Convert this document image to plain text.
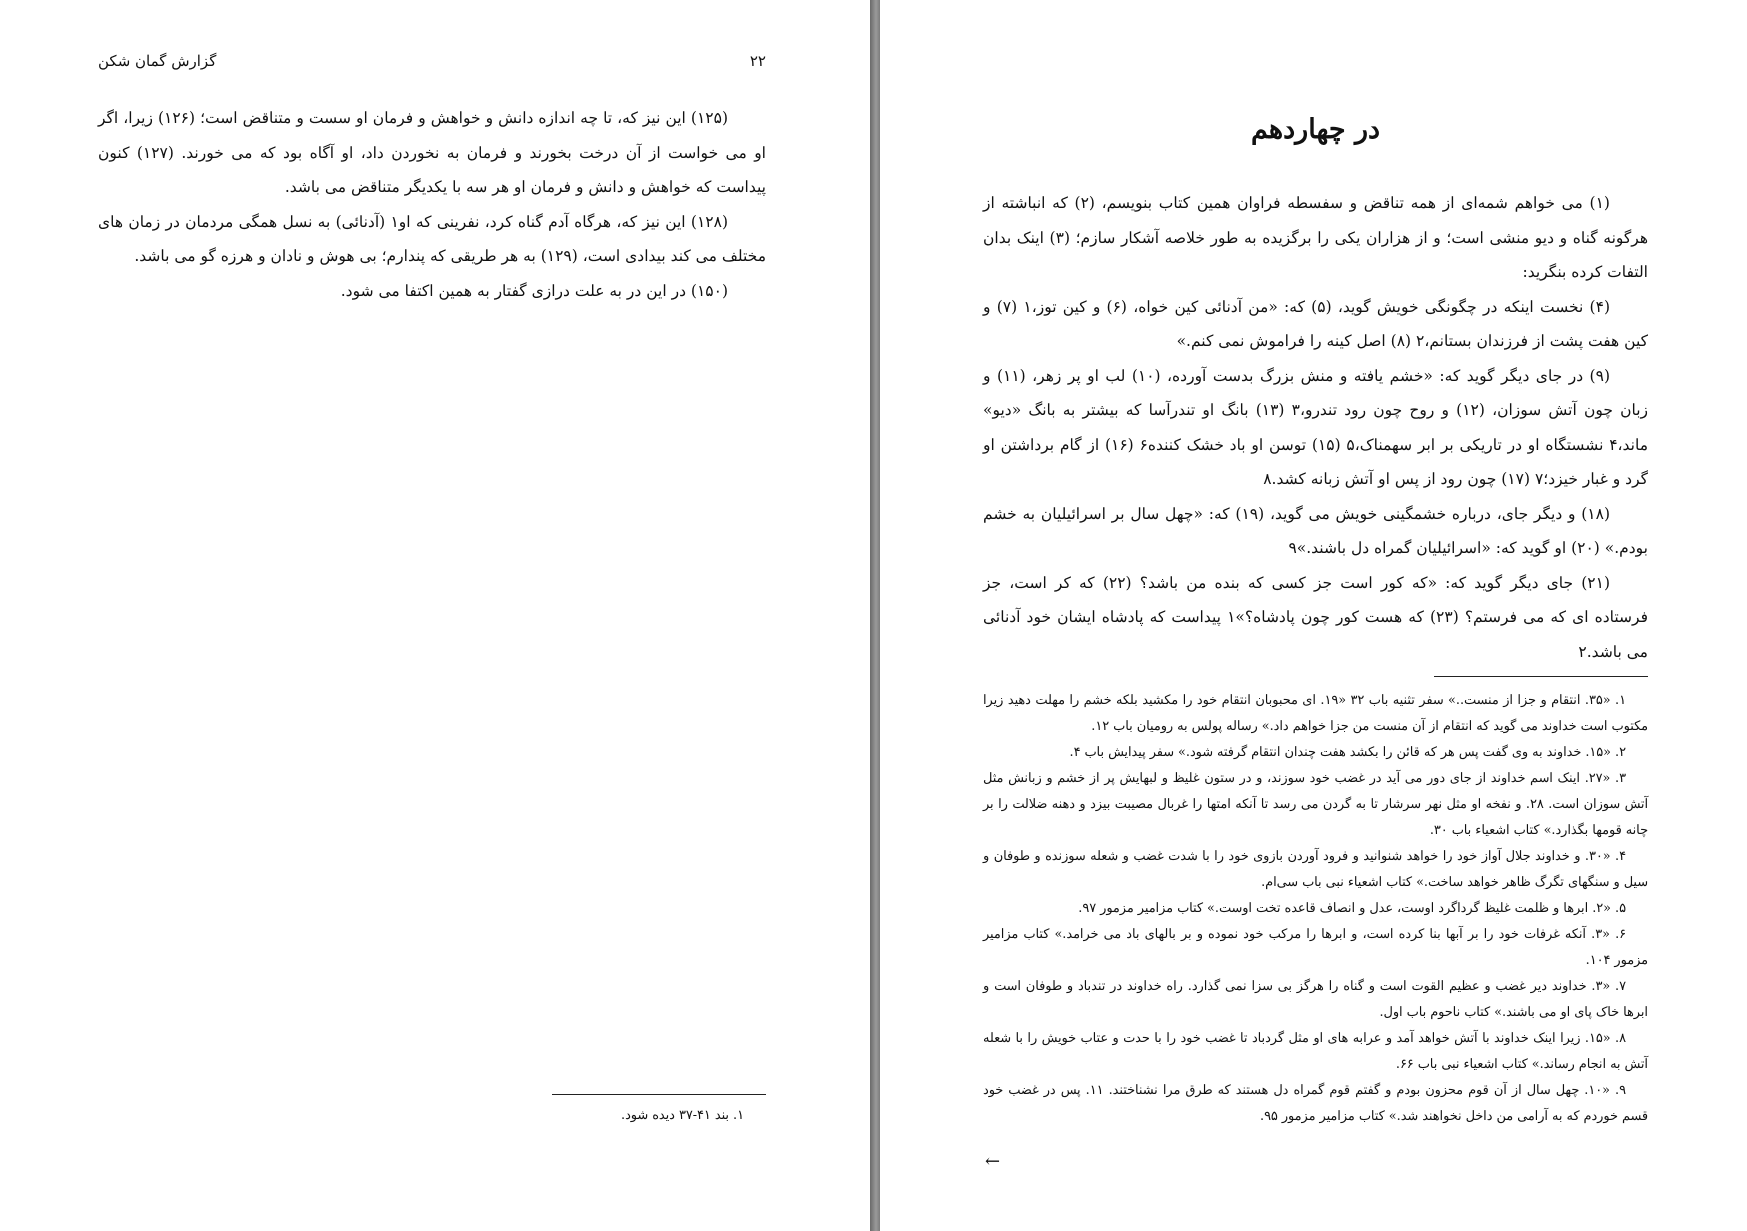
گزارش گمان شکن	۲۲

(۱۲۵) این نیز که، تا چه اندازه دانش و خواهش و فرمان او سست و متناقض است؛ (۱۲۶) زیرا، اگر او می خواست از آن درخت بخورند و فرمان به نخوردن داد، او آگاه بود که می خورند. (۱۲۷) کنون پیداست که خواهش و دانش و فرمان او هر سه با یکدیگر متناقض می باشد.

(۱۲۸) این نیز که، هرگاه آدم گناه کرد، نفرینی که او۱ (آدنائی) به نسل همگی مردمان در زمان های مختلف می کند بیدادی است، (۱۲۹) به هر طریقی که پندارم؛ بی هوش و نادان و هرزه گو می باشد.

(۱۵۰) در این در به علت درازی گفتار به همین اکتفا می شود.

۱. بند ۴۱-۳۷ دیده شود.

در چهاردهم

(۱) می خواهم شمه‌ای از همه تناقض و سفسطه فراوان همین کتاب بنویسم، (۲) که انباشته از هرگونه گناه و دیو منشی است؛ و از هزاران یکی را برگزیده به طور خلاصه آشکار سازم؛ (۳) اینک بدان التفات کرده بنگرید:

(۴) نخست اینکه در چگونگی خویش گوید، (۵) که: «من آدنائی کین خواه، (۶) و کین توز،۱ (۷) و کین هفت پشت از فرزندان بستانم،۲ (۸) اصل کینه را فراموش نمی کنم.»

(۹) در جای دیگر گوید که: «خشم یافته و منش بزرگ بدست آورده، (۱۰) لب او پر زهر، (۱۱) و زبان چون آتش سوزان، (۱۲) و روح چون رود تندرو،۳ (۱۳) بانگ او تندرآسا که بیشتر به بانگ «دیو» ماند،۴ نشستگاه او در تاریکی بر ابر سهمناک،۵ (۱۵) توسن او باد خشک کننده۶ (۱۶) از گام برداشتن او گرد و غبار خیزد؛۷ (۱۷) چون رود از پس او آتش زبانه کشد.۸

(۱۸) و دیگر جای، درباره خشمگینی خویش می گوید، (۱۹) که: «چهل سال بر اسرائیلیان به خشم بودم.» (۲۰) او گوید که: «اسرائیلیان گمراه دل باشند.»۹

(۲۱) جای دیگر گوید که: «که کور است جز کسی که بنده من باشد؟ (۲۲) که کر است، جز فرستاده ای که می فرستم؟ (۲۳) که هست کور چون پادشاه؟»۱ پیداست که پادشاه ایشان خود آدنائی می باشد.۲

۱. «۳۵. انتقام و جزا از منست..» سفر تثنیه باب ۳۲ «۱۹. ای محبوبان انتقام خود را مکشید بلکه خشم را مهلت دهید زیرا مکتوب است خداوند می گوید که انتقام از آن منست من جزا خواهم داد.» رساله پولس به رومیان باب ۱۲.

۲. «۱۵. خداوند به وی گفت پس هر که قائن را بکشد هفت چندان انتقام گرفته شود.» سفر پیدایش باب ۴.

۳. «۲۷. اینک اسم خداوند از جای دور می آید در غضب خود سوزند، و در ستون غلیظ و لبهایش پر از خشم و زبانش مثل آتش سوزان است. ۲۸. و نفخه او مثل نهر سرشار تا به گردن می رسد تا آنکه امتها را غربال مصیبت بیزد و دهنه ضلالت را بر چانه قومها بگذارد.» کتاب اشعیاء باب ۳۰.

۴. «۳۰. و خداوند جلال آواز خود را خواهد شنوانید و فرود آوردن بازوی خود را با شدت غضب و شعله سوزنده و طوفان و سیل و سنگهای تگرگ ظاهر خواهد ساخت.» کتاب اشعیاء نبی باب سی‌ام.

۵. «۲. ابرها و ظلمت غلیظ گرداگرد اوست، عدل و انصاف قاعده تخت اوست.» کتاب مزامیر مزمور ۹۷.

۶. «۳. آنکه غرفات خود را بر آبها بنا کرده است، و ابرها را مرکب خود نموده و بر بالهای باد می خرامد.» کتاب مزامیر مزمور ۱۰۴.

۷. «۳. خداوند دیر غضب و عظیم القوت است و گناه را هرگز بی سزا نمی گذارد. راه خداوند در تندباد و طوفان است و ابرها خاک پای او می باشند.» کتاب ناحوم باب اول.

۸. «۱۵. زیرا اینک خداوند با آتش خواهد آمد و عرابه های او مثل گردباد تا غضب خود را با حدت و عتاب خویش را با شعله آتش به انجام رساند.» کتاب اشعیاء نبی باب ۶۶.

۹. «۱۰. چهل سال از آن قوم محزون بودم و گفتم قوم گمراه دل هستند که طرق مرا نشناختند. ۱۱. پس در غضب خود قسم خوردم که به آرامی من داخل نخواهند شد.» کتاب مزامیر مزمور ۹۵.

←
